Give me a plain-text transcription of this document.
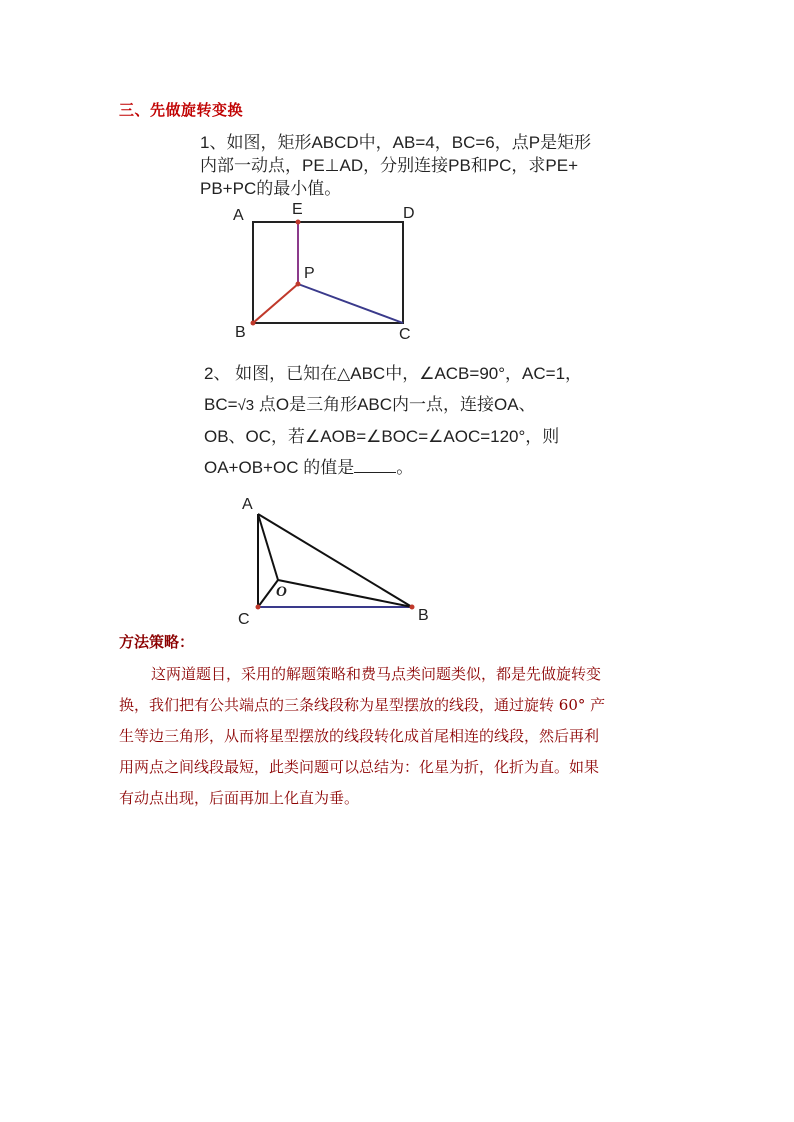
三、先做旋转变换
1、如图，矩形ABCD中，AB=4，BC=6，点P是矩形
内部一动点，PE⊥AD，分别连接PB和PC，求PE+
PB+PC的最小值。
A	E	D
P
B	C
2、 如图，已知在△ABC中，∠ACB=90°，AC=1，
BC=√3 点O是三角形ABC内一点，连接OA、
OB、OC，若∠AOB=∠BOC=∠AOC=120°，则
OA+OB+OC 的值是 。
A
C	B
O
方法策略：
这两道题目，采用的解题策略和费马点类问题类似，都是先做旋转变
换，我们把有公共端点的三条线段称为星型摆放的线段，通过旋转 60° 产
生等边三角形，从而将星型摆放的线段转化成首尾相连的线段，然后再利
用两点之间线段最短，此类问题可以总结为：化星为折，化折为直。如果
有动点出现，后面再加上化直为垂。
